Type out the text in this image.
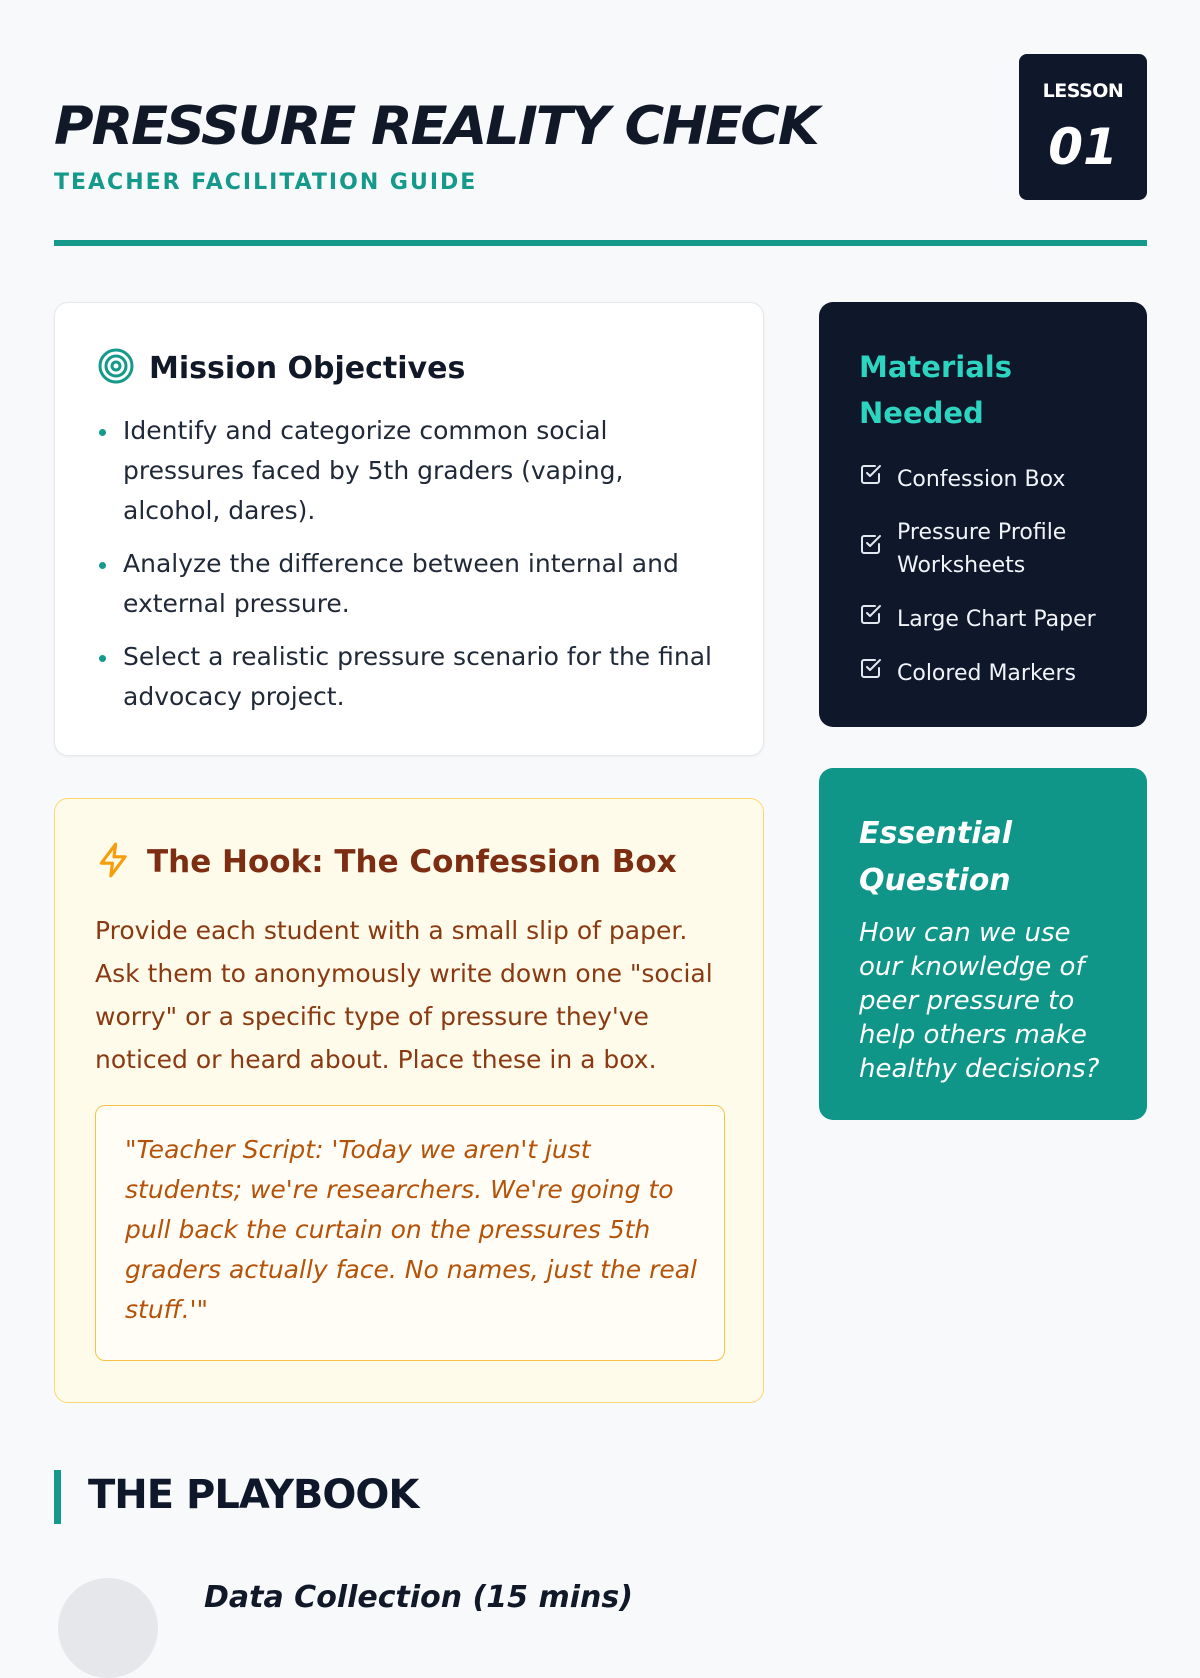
PRESSURE REALITY CHECK
TEACHER FACILITATION GUIDE
LESSON
01
Mission Objectives
Identify and categorize common social pressures faced by 5th graders (vaping, alcohol, dares).
Analyze the difference between internal and external pressure.
Select a realistic pressure scenario for the final advocacy project.
Materials Needed
Confession Box
Pressure Profile Worksheets
Large Chart Paper
Colored Markers
Essential Question
How can we use our knowledge of peer pressure to help others make healthy decisions?
The Hook: The Confession Box

Provide each student with a small slip of paper. Ask them to anonymously write down one "social worry" or a specific type of pressure they've noticed or heard about. Place these in a box.

"Teacher Script: 'Today we aren't just students; we're researchers. We're going to pull back the curtain on the pressures 5th graders actually face. No names, just the real stuff.'"

THE PLAYBOOK
Data Collection (15 mins)
